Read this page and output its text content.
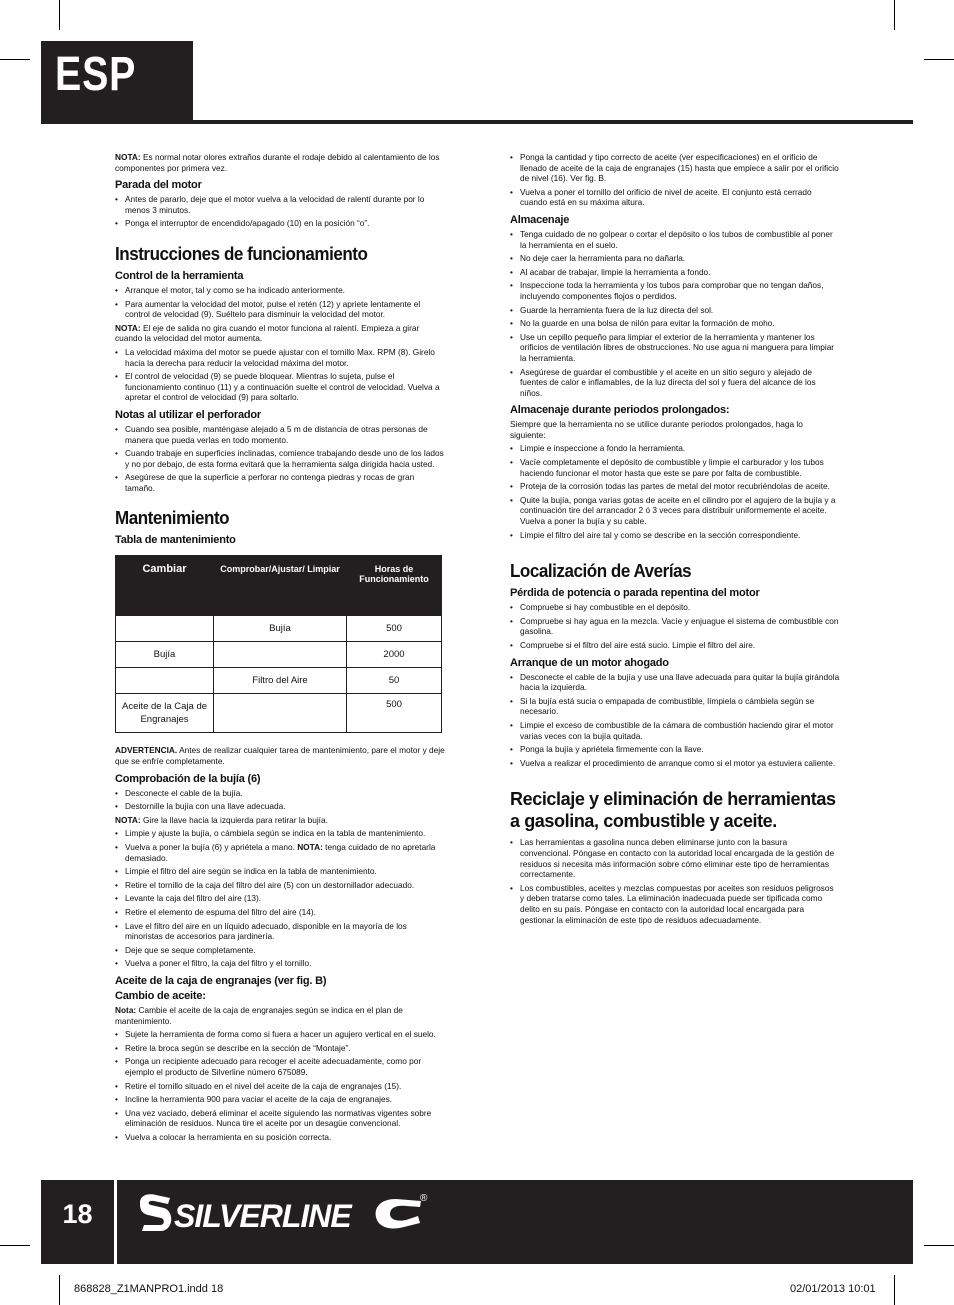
ESP

NOTA: Es normal notar olores extraños durante el rodaje debido al calentamiento de los componentes por primera vez.

Parada del motor
• Antes de pararlo, deje que el motor vuelva a la velocidad de ralentí durante por lo menos 3 minutos.
• Ponga el interruptor de encendido/apagado (10) en la posición “o”.
Instrucciones de funcionamiento
Control de la herramienta
• Arranque el motor, tal y como se ha indicado anteriormente.
• Para aumentar la velocidad del motor, pulse el retén (12) y apriete lentamente el control de velocidad (9). Suéltelo para disminuir la velocidad del motor.

NOTA: El eje de salida no gira cuando el motor funciona al ralentí. Empieza a girar cuando la velocidad del motor aumenta.

• La velocidad máxima del motor se puede ajustar con el tornillo Max. RPM (8). Girelo hacia la derecha para reducir la velocidad máxima del motor.
• El control de velocidad (9) se puede bloquear. Mientras lo sujeta, pulse el funcionamiento continuo (11) y a continuación suelte el control de velocidad. Vuelva a apretar el control de velocidad (9) para soltarlo.
Notas al utilizar el perforador
• Cuando sea posible, manténgase alejado a 5 m de distancia de otras personas de manera que pueda verlas en todo momento.
• Cuando trabaje en superficies inclinadas, comience trabajando desde uno de los lados y no por debajo, de esta forma evitará que la herramienta salga dirigida hacia usted.
• Asegúrese de que la superficie a perforar no contenga piedras y rocas de gran tamaño.
Mantenimiento
Tabla de mantenimiento
Cambiar	Comprobar/Ajustar/ Limpiar	Horas de Funcionamiento
	Bujía	500
Bujía		2000
	Filtro del Aire	50
Aceite de la Caja de Engranajes		500

ADVERTENCIA. Antes de realizar cualquier tarea de mantenimiento, pare el motor y deje que se enfríe completamente.

Comprobación de la bujía (6)
• Desconecte el cable de la bujía.
• Destornille la bujía con una llave adecuada.

NOTA: Gire la llave hacia la izquierda para retirar la bujía.

• Limpie y ajuste la bujía, o cámbiela según se indica en la tabla de mantenimiento.
• Vuelva a poner la bujía (6) y apriétela a mano. NOTA: tenga cuidado de no apretarla demasiado.
• Limpie el filtro del aire según se indica en la tabla de mantenimiento.
• Retire el tornillo de la caja del filtro del aire (5) con un destornillador adecuado.
• Levante la caja del filtro del aire (13).
• Retire el elemento de espuma del filtro del aire (14).
• Lave el filtro del aire en un líquido adecuado, disponible en la mayoría de los minoristas de accesorios para jardinería.
• Deje que se seque completamente.
• Vuelva a poner el filtro, la caja del filtro y el tornillo.
Aceite de la caja de engranajes (ver fig. B)
Cambio de aceite:

Nota: Cambie el aceite de la caja de engranajes según se indica en el plan de mantenimiento.

• Sujete la herramienta de forma como si fuera a hacer un agujero vertical en el suelo.
• Retire la broca según se describe en la sección de “Montaje”.
• Ponga un recipiente adecuado para recoger el aceite adecuadamente, como por ejemplo el producto de Silverline número 675089.
• Retire el tornillo situado en el nivel del aceite de la caja de engranajes (15).
• Incline la herramienta 900 para vaciar el aceite de la caja de engranajes.
• Una vez vaciado, deberá eliminar el aceite siguiendo las normativas vigentes sobre eliminación de residuos. Nunca tire el aceite por un desagüe convencional.
• Vuelva a colocar la herramienta en su posición correcta.
• Ponga la cantidad y tipo correcto de aceite (ver especificaciones) en el orificio de llenado de aceite de la caja de engranajes (15) hasta que empiece a salir por el orificio de nivel (16). Ver fig. B.
• Vuelva a poner el tornillo del orificio de nivel de aceite. El conjunto está cerrado cuando está en su máxima altura.
Almacenaje
• Tenga cuidado de no golpear o cortar el depósito o los tubos de combustible al poner la herramienta en el suelo.
• No deje caer la herramienta para no dañarla.
• Al acabar de trabajar, limpie la herramienta a fondo.
• Inspeccione toda la herramienta y los tubos para comprobar que no tengan daños, incluyendo componentes flojos o perdidos.
• Guarde la herramienta fuera de la luz directa del sol.
• No la guarde en una bolsa de nilón para evitar la formación de moho.
• Use un cepillo pequeño para limpiar el exterior de la herramienta y mantener los orificios de ventilación libres de obstrucciones. No use agua ni manguera para limpiar la herramienta.
• Asegúrese de guardar el combustible y el aceite en un sitio seguro y alejado de fuentes de calor e inflamables, de la luz directa del sol y fuera del alcance de los niños.
Almacenaje durante periodos prolongados:

Siempre que la herramienta no se utilice durante periodos prolongados, haga lo siguiente:

• Limpie e inspeccione a fondo la herramienta.
• Vacíe completamente el depósito de combustible y limpie el carburador y los tubos haciendo funcionar el motor hasta que este se pare por falta de combustible.
• Proteja de la corrosión todas las partes de metal del motor recubriéndolas de aceite.
• Quite la bujía, ponga varias gotas de aceite en el cilindro por el agujero de la bujía y a continuación tire del arrancador 2 ó 3 veces para distribuir uniformemente el aceite. Vuelva a poner la bujía y su cable.
• Limpie el filtro del aire tal y como se describe en la sección correspondiente.
Localización de Averías
Pérdida de potencia o parada repentina del motor
• Compruebe si hay combustible en el depósito.
• Compruebe si hay agua en la mezcla. Vacíe y enjuague el sistema de combustible con gasolina.
• Compruebe si el filtro del aire está sucio. Limpie el filtro del aire.
Arranque de un motor ahogado
• Desconecte el cable de la bujía y use una llave adecuada para quitar la bujía girándola hacia la izquierda.
• Si la bujía está sucia o empapada de combustible, límpiela o cámbiela según se necesario.
• Limpie el exceso de combustible de la cámara de combustión haciendo girar el motor varias veces con la bujía quitada.
• Ponga la bujía y apriétela firmemente con la llave.
• Vuelva a realizar el procedimiento de arranque como si el motor ya estuviera caliente.
Reciclaje y eliminación de herramientas a gasolina, combustible y aceite.
• Las herramientas a gasolina nunca deben eliminarse junto con la basura convencional. Póngase en contacto con la autoridad local encargada de la gestión de residuos si necesita más información sobre cómo eliminar este tipo de herramientas correctamente.
• Los combustibles, aceites y mezclas compuestas por aceites son residuos peligrosos y deben tratarse como tales. La eliminación inadecuada puede ser tipificada como delito en su país. Póngase en contacto con la autoridad local encargada para gestionar la eliminación de este tipo de residuos adecuadamente.
18	SILVERLINE	®
868828_Z1MANPRO1.indd 18	02/01/2013 10:01
